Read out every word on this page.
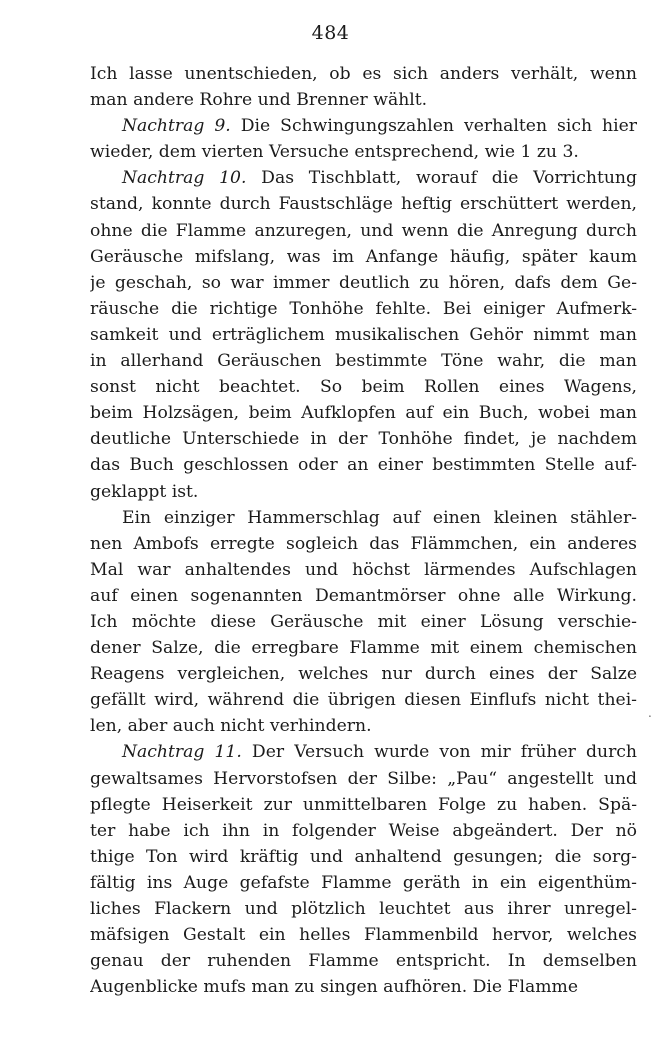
484
Ich lasse unentschieden, ob es sich anders verhält, wenn
man andere Rohre und Brenner wählt.
Nachtrag 9. Die Schwingungszahlen verhalten sich hier
wieder, dem vierten Versuche entsprechend, wie 1 zu 3.
Nachtrag 10. Das Tischblatt, worauf die Vorrichtung
stand, konnte durch Faustschläge heftig erschüttert werden,
ohne die Flamme anzuregen, und wenn die Anregung durch
Geräusche mifslang, was im Anfange häufig, später kaum
je geschah, so war immer deutlich zu hören, dafs dem Ge-
räusche die richtige Tonhöhe fehlte. Bei einiger Aufmerk-
samkeit und erträglichem musikalischen Gehör nimmt man
in allerhand Geräuschen bestimmte Töne wahr, die man
sonst nicht beachtet. So beim Rollen eines Wagens,
beim Holzsägen, beim Aufklopfen auf ein Buch, wobei man
deutliche Unterschiede in der Tonhöhe findet, je nachdem
das Buch geschlossen oder an einer bestimmten Stelle auf-
geklappt ist.
Ein einziger Hammerschlag auf einen kleinen stähler-
nen Ambofs erregte sogleich das Flämmchen, ein anderes
Mal war anhaltendes und höchst lärmendes Aufschlagen
auf einen sogenannten Demantmörser ohne alle Wirkung.
Ich möchte diese Geräusche mit einer Lösung verschie-
dener Salze, die erregbare Flamme mit einem chemischen
Reagens vergleichen, welches nur durch eines der Salze
gefällt wird, während die übrigen diesen Einflufs nicht thei-
len, aber auch nicht verhindern.
Nachtrag 11. Der Versuch wurde von mir früher durch
gewaltsames Hervorstofsen der Silbe: „Pau“ angestellt und
pflegte Heiserkeit zur unmittelbaren Folge zu haben. Spä-
ter habe ich ihn in folgender Weise abgeändert. Der nö
thige Ton wird kräftig und anhaltend gesungen; die sorg-
fältig ins Auge gefafste Flamme geräth in ein eigenthüm-
liches Flackern und plötzlich leuchtet aus ihrer unregel-
mäfsigen Gestalt ein helles Flammenbild hervor, welches
genau der ruhenden Flamme entspricht. In demselben
Augenblicke mufs man zu singen aufhören. Die Flamme
.
